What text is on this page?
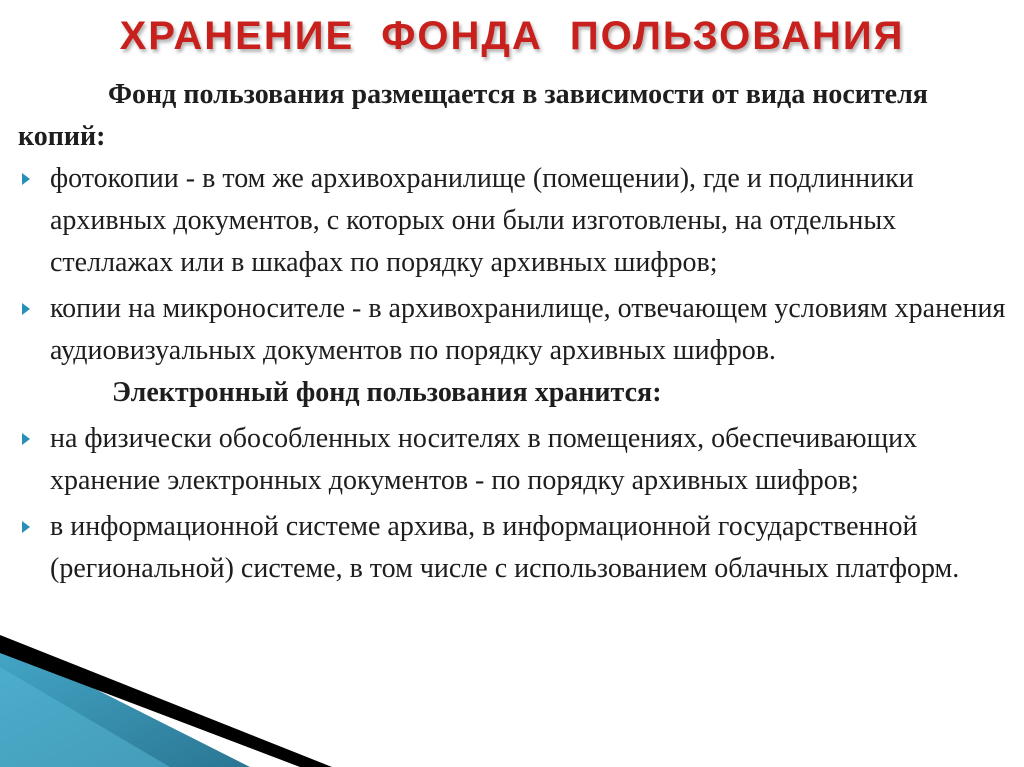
ХРАНЕНИЕ ФОНДА ПОЛЬЗОВАНИЯ

Фонд пользования размещается в зависимости от вида носителя копий:

фотокопии - в том же архивохранилище (помещении), где и подлинники архивных документов, с которых они были изготовлены, на отдельных стеллажах или в шкафах по порядку архивных шифров;
копии на микроносителе - в архивохранилище, отвечающем условиям хранения аудиовизуальных документов по порядку архивных шифров.

Электронный фонд пользования хранится:

на физически обособленных носителях в помещениях, обеспечивающих хранение электронных документов - по порядку архивных шифров;
в информационной системе архива, в информационной государственной (региональной) системе, в том числе с использованием облачных платформ.
